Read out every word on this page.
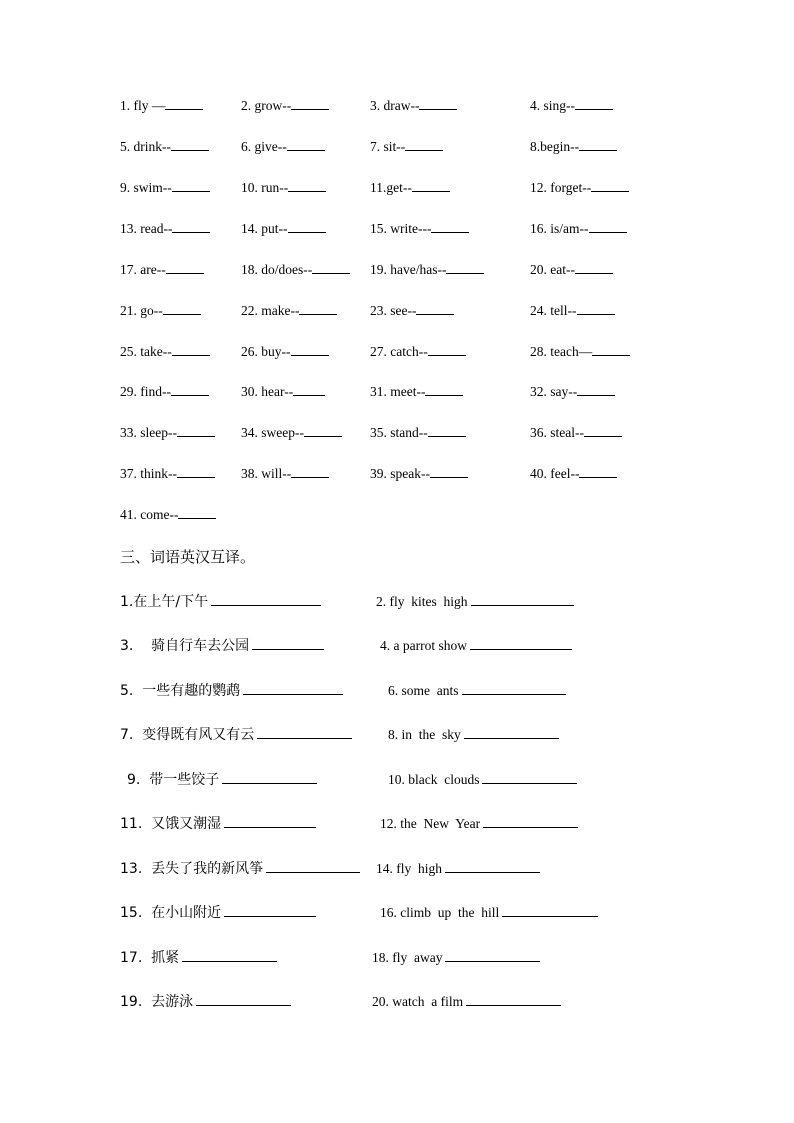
1. fly —	2. grow--	3. draw--	4. sing--
5. drink--	6. give--	7. sit--	8.begin--
9. swim--	10. run--	11.get--	12. forget--
13. read--	14. put--	15. write---	16. is/am--
17. are--	18. do/does--	19. have/has--	20. eat--
21. go--	22. make--	23. see--	24. tell--
25. take--	26. buy--	27. catch--	28. teach—
29. find--	30. hear--	31. meet--	32. say--
33. sleep--	34. sweep--	35. stand--	36. steal--
37. think--	38. will--	39. speak--	40. feel--
41. come--
三、词语英汉互译。
1.在上午/下午	2. fly  kites  high
3.    骑自行车去公园	4. a parrot show
5.  一些有趣的鹦鹉	6. some  ants
7.  变得既有风又有云	8. in  the  sky
9.  带一些饺子	10. black  clouds
11.  又饿又潮湿	12. the  New  Year
13.  丢失了我的新风筝	14. fly  high
15.  在小山附近	16. climb  up  the  hill
17.  抓紧	18. fly  away
19.  去游泳	20. watch  a film
